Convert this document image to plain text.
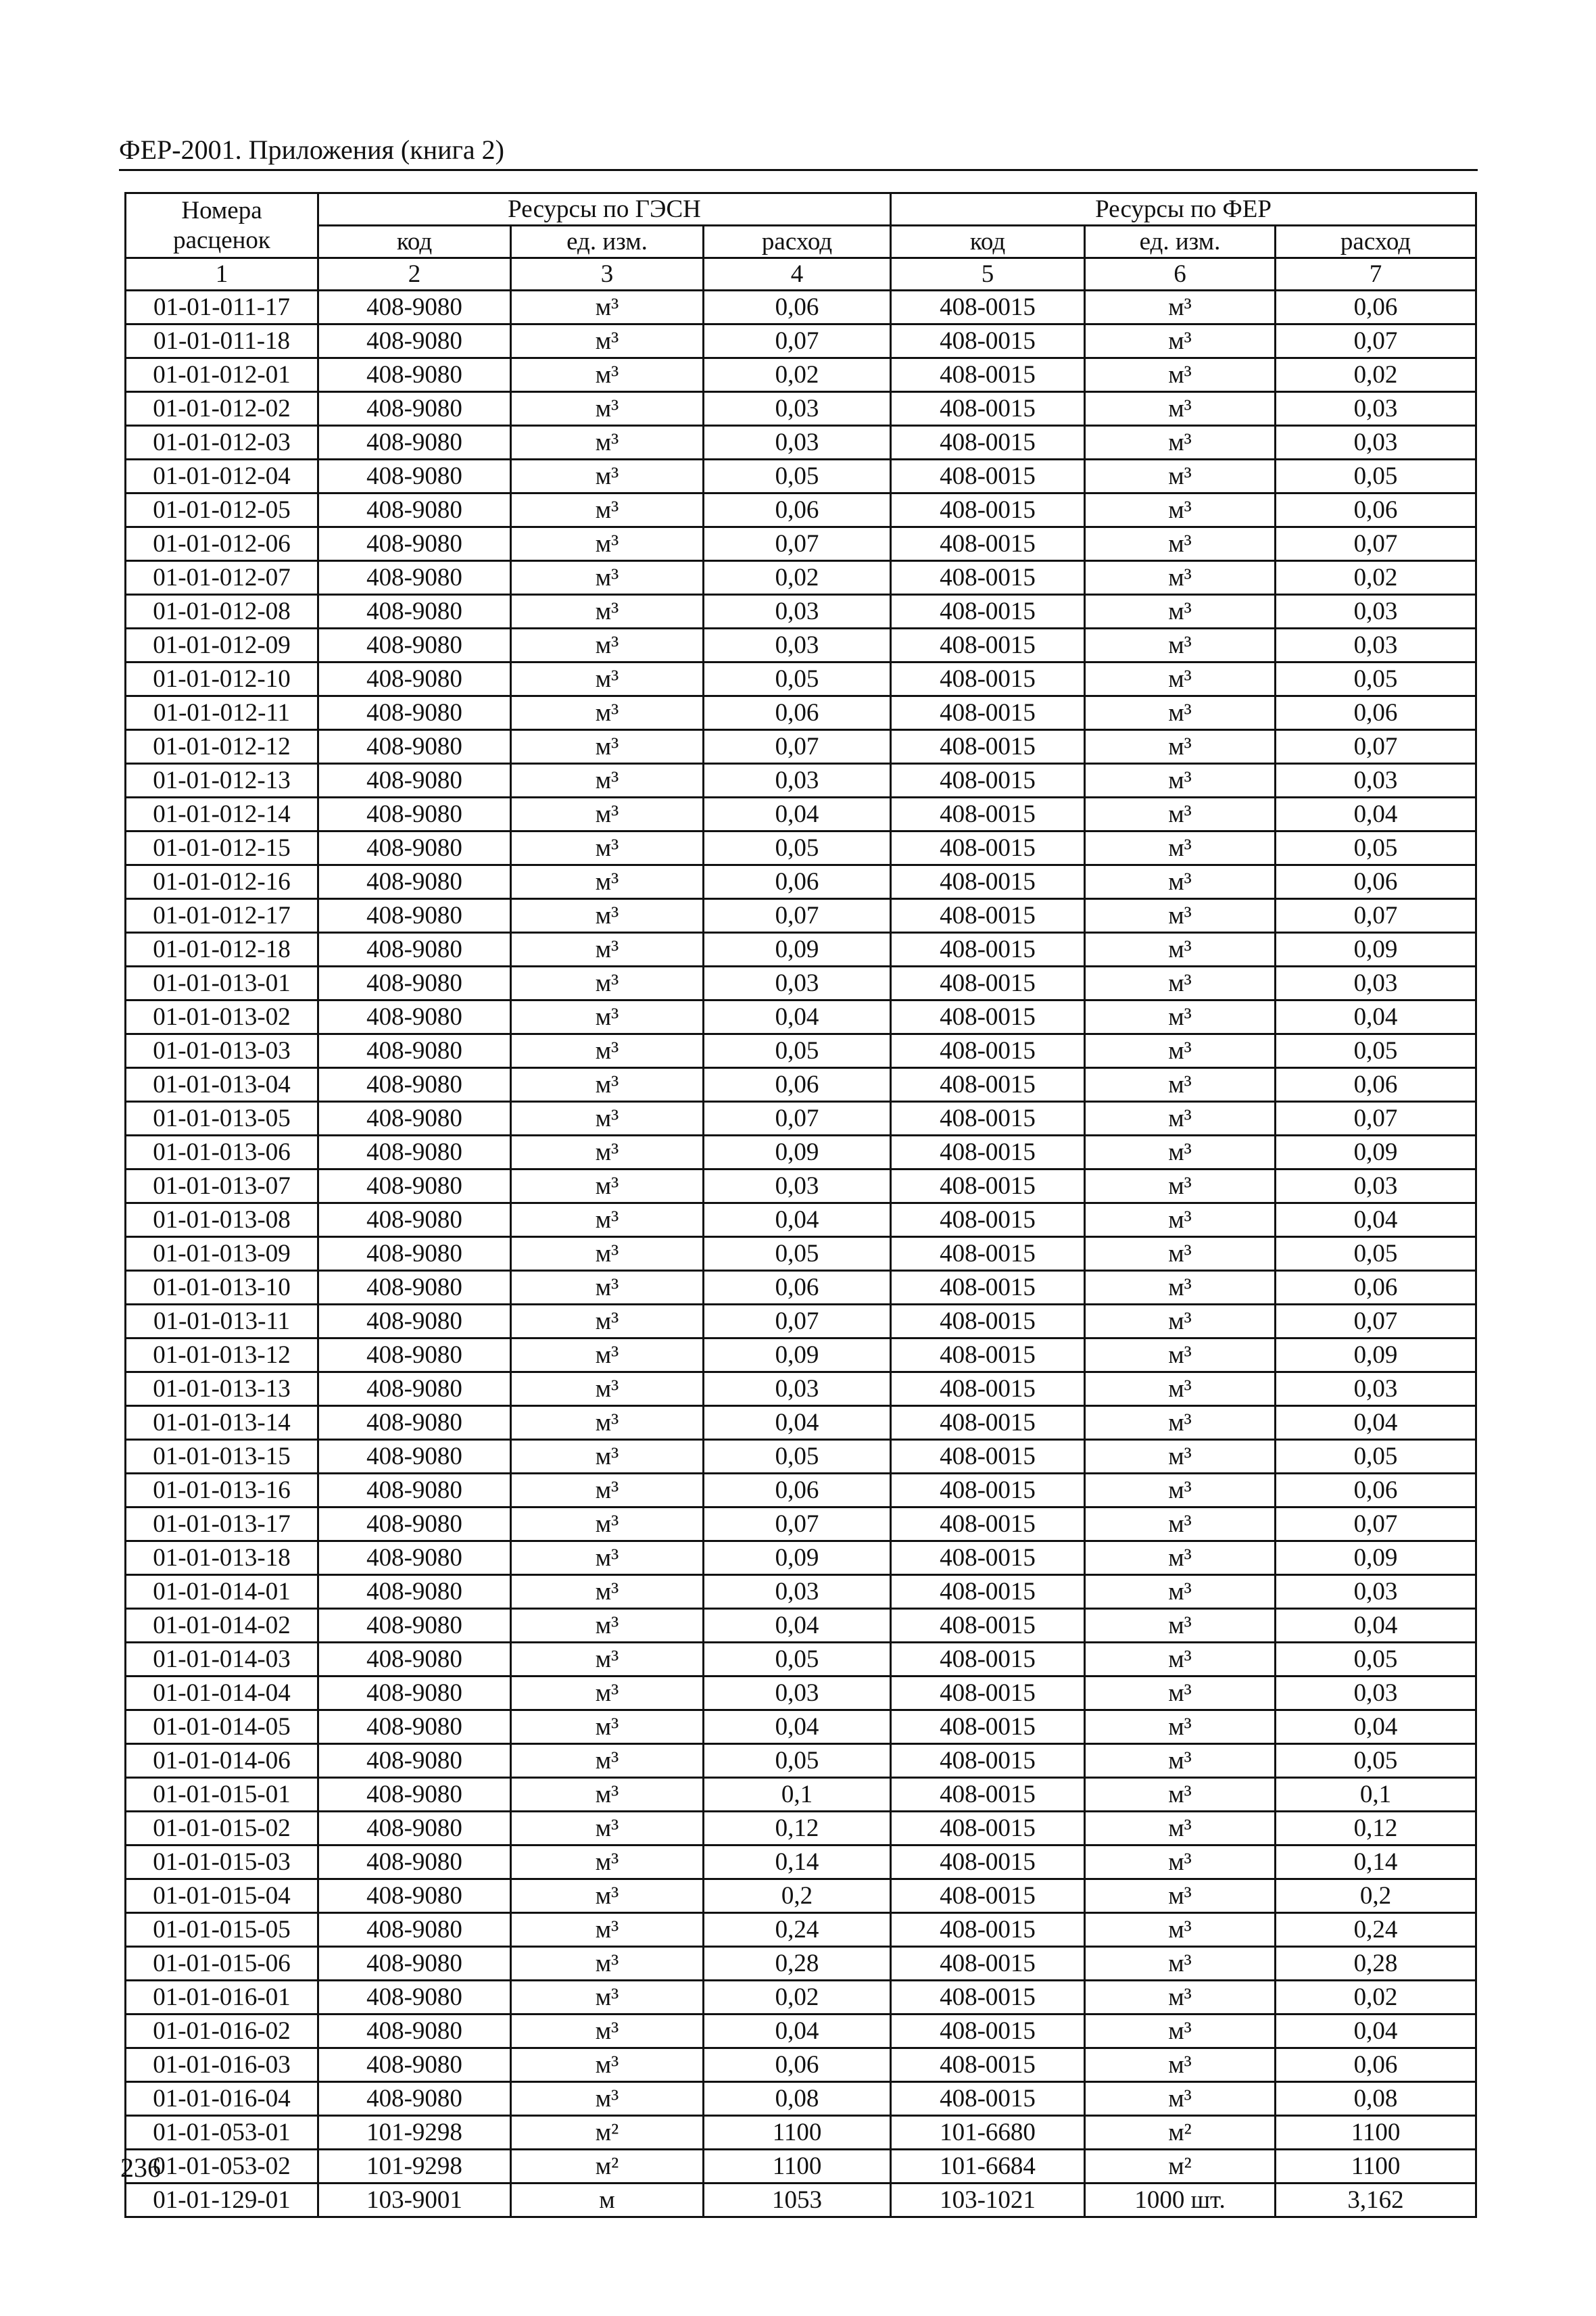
ФЕР-2001. Приложения (книга 2)
Номера расценок	Ресурсы по ГЭСН			Ресурсы по ФЕР		
	код	ед. изм.	расход	код	ед. изм.	расход
1	2	3	4	5	6	7
01-01-011-17	408-9080	м³	0,06	408-0015	м³	0,06
01-01-011-18	408-9080	м³	0,07	408-0015	м³	0,07
01-01-012-01	408-9080	м³	0,02	408-0015	м³	0,02
01-01-012-02	408-9080	м³	0,03	408-0015	м³	0,03
01-01-012-03	408-9080	м³	0,03	408-0015	м³	0,03
01-01-012-04	408-9080	м³	0,05	408-0015	м³	0,05
01-01-012-05	408-9080	м³	0,06	408-0015	м³	0,06
01-01-012-06	408-9080	м³	0,07	408-0015	м³	0,07
01-01-012-07	408-9080	м³	0,02	408-0015	м³	0,02
01-01-012-08	408-9080	м³	0,03	408-0015	м³	0,03
01-01-012-09	408-9080	м³	0,03	408-0015	м³	0,03
01-01-012-10	408-9080	м³	0,05	408-0015	м³	0,05
01-01-012-11	408-9080	м³	0,06	408-0015	м³	0,06
01-01-012-12	408-9080	м³	0,07	408-0015	м³	0,07
01-01-012-13	408-9080	м³	0,03	408-0015	м³	0,03
01-01-012-14	408-9080	м³	0,04	408-0015	м³	0,04
01-01-012-15	408-9080	м³	0,05	408-0015	м³	0,05
01-01-012-16	408-9080	м³	0,06	408-0015	м³	0,06
01-01-012-17	408-9080	м³	0,07	408-0015	м³	0,07
01-01-012-18	408-9080	м³	0,09	408-0015	м³	0,09
01-01-013-01	408-9080	м³	0,03	408-0015	м³	0,03
01-01-013-02	408-9080	м³	0,04	408-0015	м³	0,04
01-01-013-03	408-9080	м³	0,05	408-0015	м³	0,05
01-01-013-04	408-9080	м³	0,06	408-0015	м³	0,06
01-01-013-05	408-9080	м³	0,07	408-0015	м³	0,07
01-01-013-06	408-9080	м³	0,09	408-0015	м³	0,09
01-01-013-07	408-9080	м³	0,03	408-0015	м³	0,03
01-01-013-08	408-9080	м³	0,04	408-0015	м³	0,04
01-01-013-09	408-9080	м³	0,05	408-0015	м³	0,05
01-01-013-10	408-9080	м³	0,06	408-0015	м³	0,06
01-01-013-11	408-9080	м³	0,07	408-0015	м³	0,07
01-01-013-12	408-9080	м³	0,09	408-0015	м³	0,09
01-01-013-13	408-9080	м³	0,03	408-0015	м³	0,03
01-01-013-14	408-9080	м³	0,04	408-0015	м³	0,04
01-01-013-15	408-9080	м³	0,05	408-0015	м³	0,05
01-01-013-16	408-9080	м³	0,06	408-0015	м³	0,06
01-01-013-17	408-9080	м³	0,07	408-0015	м³	0,07
01-01-013-18	408-9080	м³	0,09	408-0015	м³	0,09
01-01-014-01	408-9080	м³	0,03	408-0015	м³	0,03
01-01-014-02	408-9080	м³	0,04	408-0015	м³	0,04
01-01-014-03	408-9080	м³	0,05	408-0015	м³	0,05
01-01-014-04	408-9080	м³	0,03	408-0015	м³	0,03
01-01-014-05	408-9080	м³	0,04	408-0015	м³	0,04
01-01-014-06	408-9080	м³	0,05	408-0015	м³	0,05
01-01-015-01	408-9080	м³	0,1	408-0015	м³	0,1
01-01-015-02	408-9080	м³	0,12	408-0015	м³	0,12
01-01-015-03	408-9080	м³	0,14	408-0015	м³	0,14
01-01-015-04	408-9080	м³	0,2	408-0015	м³	0,2
01-01-015-05	408-9080	м³	0,24	408-0015	м³	0,24
01-01-015-06	408-9080	м³	0,28	408-0015	м³	0,28
01-01-016-01	408-9080	м³	0,02	408-0015	м³	0,02
01-01-016-02	408-9080	м³	0,04	408-0015	м³	0,04
01-01-016-03	408-9080	м³	0,06	408-0015	м³	0,06
01-01-016-04	408-9080	м³	0,08	408-0015	м³	0,08
01-01-053-01	101-9298	м²	1100	101-6680	м²	1100
01-01-053-02	101-9298	м²	1100	101-6684	м²	1100
01-01-129-01	103-9001	м	1053	103-1021	1000 шт.	3,162
236
